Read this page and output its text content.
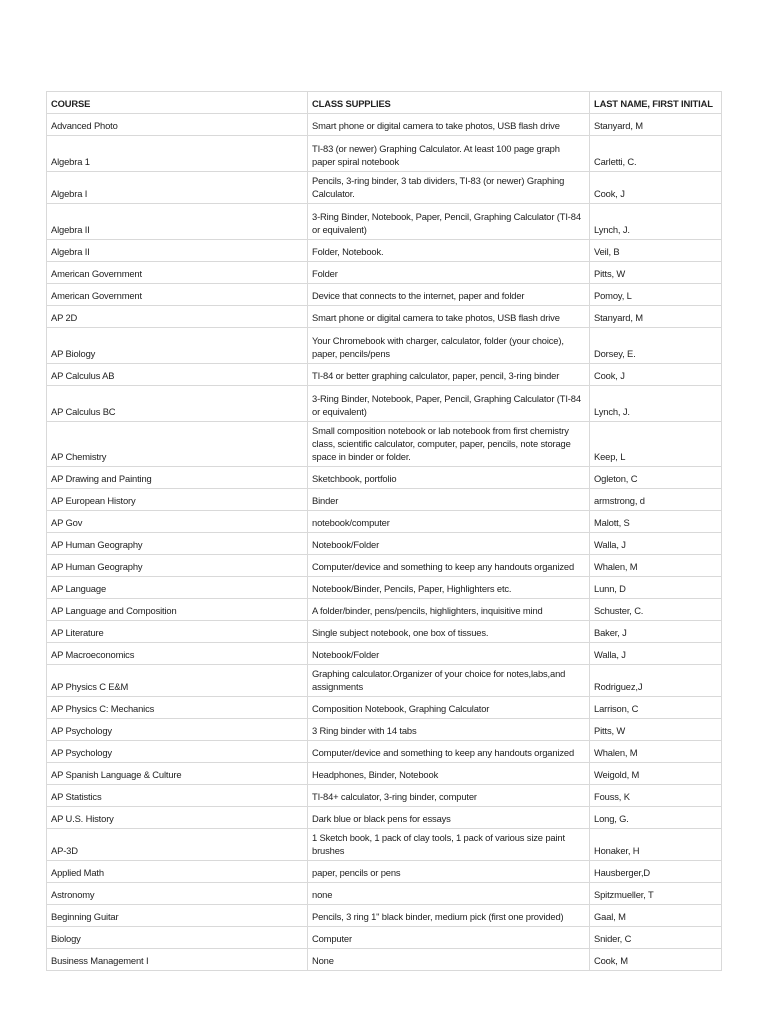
COURSE	CLASS SUPPLIES	LAST NAME, FIRST INITIAL
Advanced Photo	Smart phone or digital camera to take photos, USB flash drive	Stanyard, M
Algebra 1	TI-83 (or newer) Graphing Calculator. At least 100 page graph paper spiral notebook	Carletti, C.
Algebra I	Pencils, 3-ring binder, 3 tab dividers, TI-83 (or newer) Graphing Calculator.	Cook, J
Algebra II	3-Ring Binder, Notebook, Paper, Pencil, Graphing Calculator (TI-84 or equivalent)	Lynch, J.
Algebra II	Folder, Notebook.	Veil, B
American Government	Folder	Pitts, W
American Government	Device that connects to the internet, paper and folder	Pomoy, L
AP 2D	Smart phone or digital camera to take photos, USB flash drive	Stanyard, M
AP Biology	Your Chromebook with charger, calculator, folder (your choice), paper, pencils/pens	Dorsey, E.
AP Calculus AB	TI-84 or better graphing calculator, paper, pencil, 3-ring binder	Cook, J
AP Calculus BC	3-Ring Binder, Notebook, Paper, Pencil, Graphing Calculator (TI-84 or equivalent)	Lynch, J.
AP Chemistry	Small composition notebook or lab notebook from first chemistry class, scientific calculator, computer, paper, pencils, note storage space in binder or folder.	Keep, L
AP Drawing and Painting	Sketchbook, portfolio	Ogleton, C
AP European History	Binder	armstrong, d
AP Gov	notebook/computer	Malott, S
AP Human Geography	Notebook/Folder	Walla, J
AP Human Geography	Computer/device and something to keep any handouts organized	Whalen, M
AP Language	Notebook/Binder, Pencils, Paper, Highlighters etc.	Lunn, D
AP Language and Composition	A folder/binder, pens/pencils, highlighters, inquisitive mind	Schuster, C.
AP Literature	Single subject notebook, one box of tissues.	Baker, J
AP Macroeconomics	Notebook/Folder	Walla, J
AP Physics C E&M	Graphing calculator.Organizer of your choice for notes,labs,and assignments	Rodriguez,J
AP Physics C: Mechanics	Composition Notebook, Graphing Calculator	Larrison, C
AP Psychology	3 Ring binder with 14 tabs	Pitts, W
AP Psychology	Computer/device and something to keep any handouts organized	Whalen, M
AP Spanish Language & Culture	Headphones, Binder, Notebook	Weigold, M
AP Statistics	TI-84+ calculator, 3-ring binder, computer	Fouss, K
AP U.S. History	Dark blue or black pens for essays	Long, G.
AP-3D	1 Sketch book, 1 pack of clay tools, 1 pack of various size paint brushes	Honaker, H
Applied Math	paper, pencils or pens	Hausberger,D
Astronomy	none	Spitzmueller, T
Beginning Guitar	Pencils, 3 ring 1" black binder, medium pick (first one provided)	Gaal, M
Biology	Computer	Snider, C
Business Management I	None	Cook, M
